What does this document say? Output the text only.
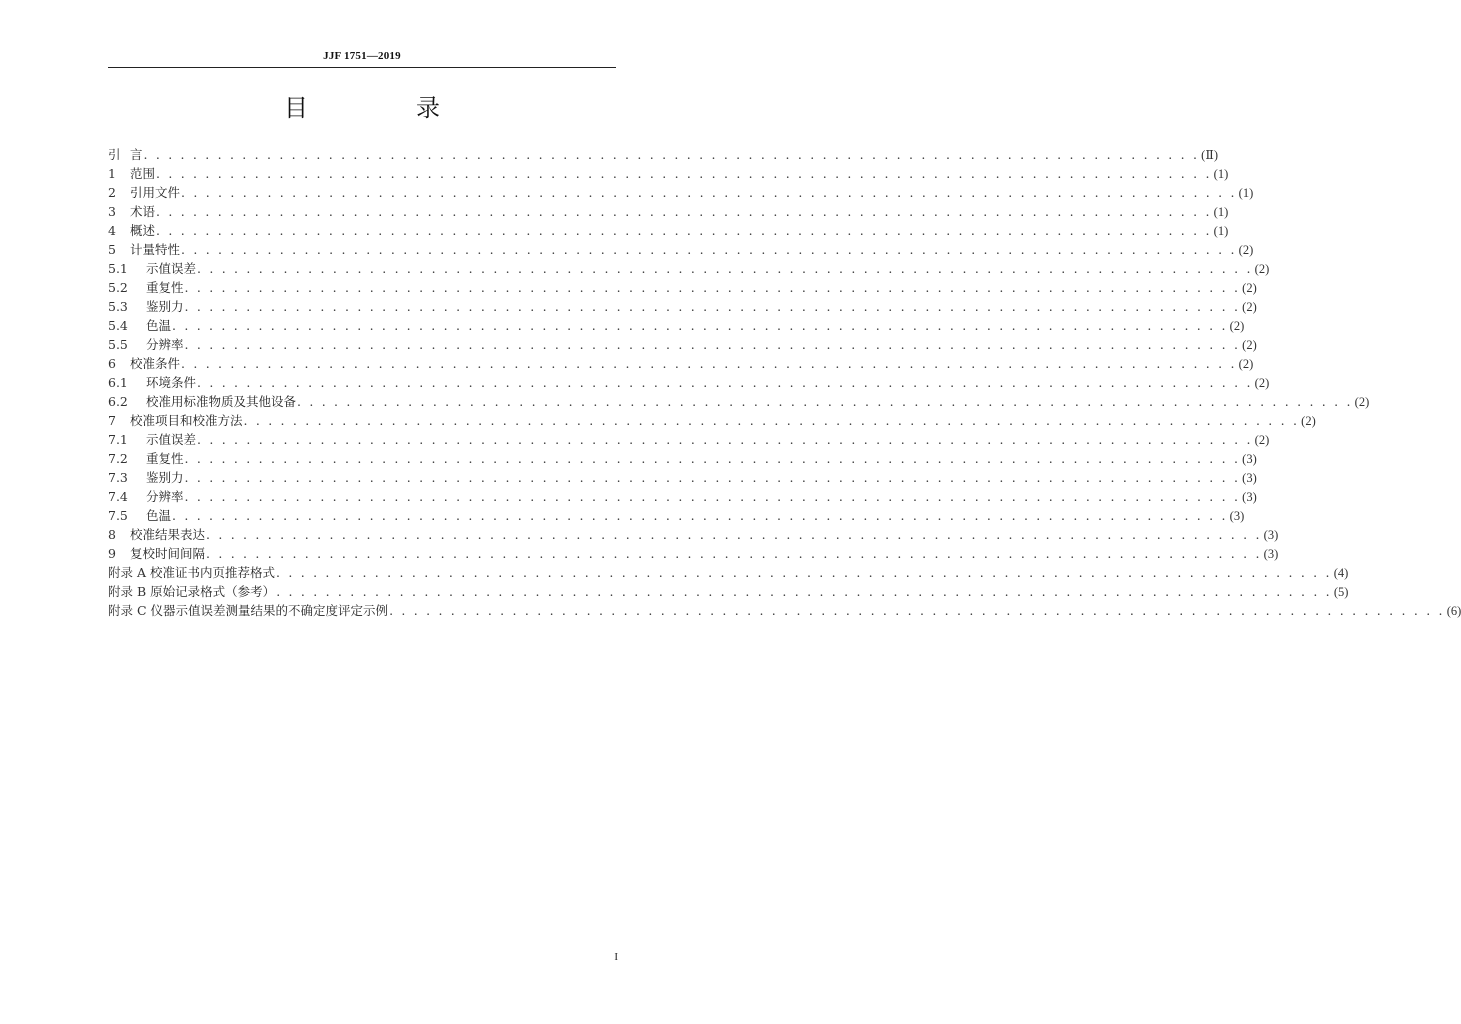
JJF 1751—2019
目　录
引 言 . . . . . . . . . . . . . . . . . . . . . . . . . . . . . . . . . . . . . . . . . . . . . . . . . . . . . . . . . . . . . . . . . . . . . . . . . . . . . . . . . . . . . . (Ⅱ)
1	范围 . . . . . . . . . . . . . . . . . . . . . . . . . . . . . . . . . . . . . . . . . . . . . . . . . . . . . . . . . . . . . . . . . . . . . . . . . . . . . . . . . . . . . . (1)
2	引用文件 . . . . . . . . . . . . . . . . . . . . . . . . . . . . . . . . . . . . . . . . . . . . . . . . . . . . . . . . . . . . . . . . . . . . . . . . . . . . . . . . . . . . . . (1)
3	术语 . . . . . . . . . . . . . . . . . . . . . . . . . . . . . . . . . . . . . . . . . . . . . . . . . . . . . . . . . . . . . . . . . . . . . . . . . . . . . . . . . . . . . . (1)
4	概述 . . . . . . . . . . . . . . . . . . . . . . . . . . . . . . . . . . . . . . . . . . . . . . . . . . . . . . . . . . . . . . . . . . . . . . . . . . . . . . . . . . . . . . (1)
5	计量特性 . . . . . . . . . . . . . . . . . . . . . . . . . . . . . . . . . . . . . . . . . . . . . . . . . . . . . . . . . . . . . . . . . . . . . . . . . . . . . . . . . . . . . . (2)
5.1	示值误差 . . . . . . . . . . . . . . . . . . . . . . . . . . . . . . . . . . . . . . . . . . . . . . . . . . . . . . . . . . . . . . . . . . . . . . . . . . . . . . . . . . . . . . (2)
5.2	重复性 . . . . . . . . . . . . . . . . . . . . . . . . . . . . . . . . . . . . . . . . . . . . . . . . . . . . . . . . . . . . . . . . . . . . . . . . . . . . . . . . . . . . . . (2)
5.3	鉴别力 . . . . . . . . . . . . . . . . . . . . . . . . . . . . . . . . . . . . . . . . . . . . . . . . . . . . . . . . . . . . . . . . . . . . . . . . . . . . . . . . . . . . . . (2)
5.4	色温 . . . . . . . . . . . . . . . . . . . . . . . . . . . . . . . . . . . . . . . . . . . . . . . . . . . . . . . . . . . . . . . . . . . . . . . . . . . . . . . . . . . . . . (2)
5.5	分辨率 . . . . . . . . . . . . . . . . . . . . . . . . . . . . . . . . . . . . . . . . . . . . . . . . . . . . . . . . . . . . . . . . . . . . . . . . . . . . . . . . . . . . . . (2)
6	校准条件 . . . . . . . . . . . . . . . . . . . . . . . . . . . . . . . . . . . . . . . . . . . . . . . . . . . . . . . . . . . . . . . . . . . . . . . . . . . . . . . . . . . . . . (2)
6.1	环境条件 . . . . . . . . . . . . . . . . . . . . . . . . . . . . . . . . . . . . . . . . . . . . . . . . . . . . . . . . . . . . . . . . . . . . . . . . . . . . . . . . . . . . . . (2)
6.2	校准用标准物质及其他设备 . . . . . . . . . . . . . . . . . . . . . . . . . . . . . . . . . . . . . . . . . . . . . . . . . . . . . . . . . . . . . . . . . . . . . . . . . . . . . . . . . . . . . . (2)
7	校准项目和校准方法 . . . . . . . . . . . . . . . . . . . . . . . . . . . . . . . . . . . . . . . . . . . . . . . . . . . . . . . . . . . . . . . . . . . . . . . . . . . . . . . . . . . . . . (2)
7.1	示值误差 . . . . . . . . . . . . . . . . . . . . . . . . . . . . . . . . . . . . . . . . . . . . . . . . . . . . . . . . . . . . . . . . . . . . . . . . . . . . . . . . . . . . . . (2)
7.2	重复性 . . . . . . . . . . . . . . . . . . . . . . . . . . . . . . . . . . . . . . . . . . . . . . . . . . . . . . . . . . . . . . . . . . . . . . . . . . . . . . . . . . . . . . (3)
7.3	鉴别力 . . . . . . . . . . . . . . . . . . . . . . . . . . . . . . . . . . . . . . . . . . . . . . . . . . . . . . . . . . . . . . . . . . . . . . . . . . . . . . . . . . . . . . (3)
7.4	分辨率 . . . . . . . . . . . . . . . . . . . . . . . . . . . . . . . . . . . . . . . . . . . . . . . . . . . . . . . . . . . . . . . . . . . . . . . . . . . . . . . . . . . . . . (3)
7.5	色温 . . . . . . . . . . . . . . . . . . . . . . . . . . . . . . . . . . . . . . . . . . . . . . . . . . . . . . . . . . . . . . . . . . . . . . . . . . . . . . . . . . . . . . (3)
8	校准结果表达 . . . . . . . . . . . . . . . . . . . . . . . . . . . . . . . . . . . . . . . . . . . . . . . . . . . . . . . . . . . . . . . . . . . . . . . . . . . . . . . . . . . . . . (3)
9	复校时间间隔 . . . . . . . . . . . . . . . . . . . . . . . . . . . . . . . . . . . . . . . . . . . . . . . . . . . . . . . . . . . . . . . . . . . . . . . . . . . . . . . . . . . . . . (3)
附录 A 校准证书内页推荐格式 . . . . . . . . . . . . . . . . . . . . . . . . . . . . . . . . . . . . . . . . . . . . . . . . . . . . . . . . . . . . . . . . . . . . . . . . . . . . . . . . . . . . . . (4)
附录 B 原始记录格式（参考） . . . . . . . . . . . . . . . . . . . . . . . . . . . . . . . . . . . . . . . . . . . . . . . . . . . . . . . . . . . . . . . . . . . . . . . . . . . . . . . . . . . . . . (5)
附录 C 仪器示值误差测量结果的不确定度评定示例 . . . . . . . . . . . . . . . . . . . . . . . . . . . . . . . . . . . . . . . . . . . . . . . . . . . . . . . . . . . . . . . . . . . . . . . . . . . . . . . . . . . . . . (6)
I
